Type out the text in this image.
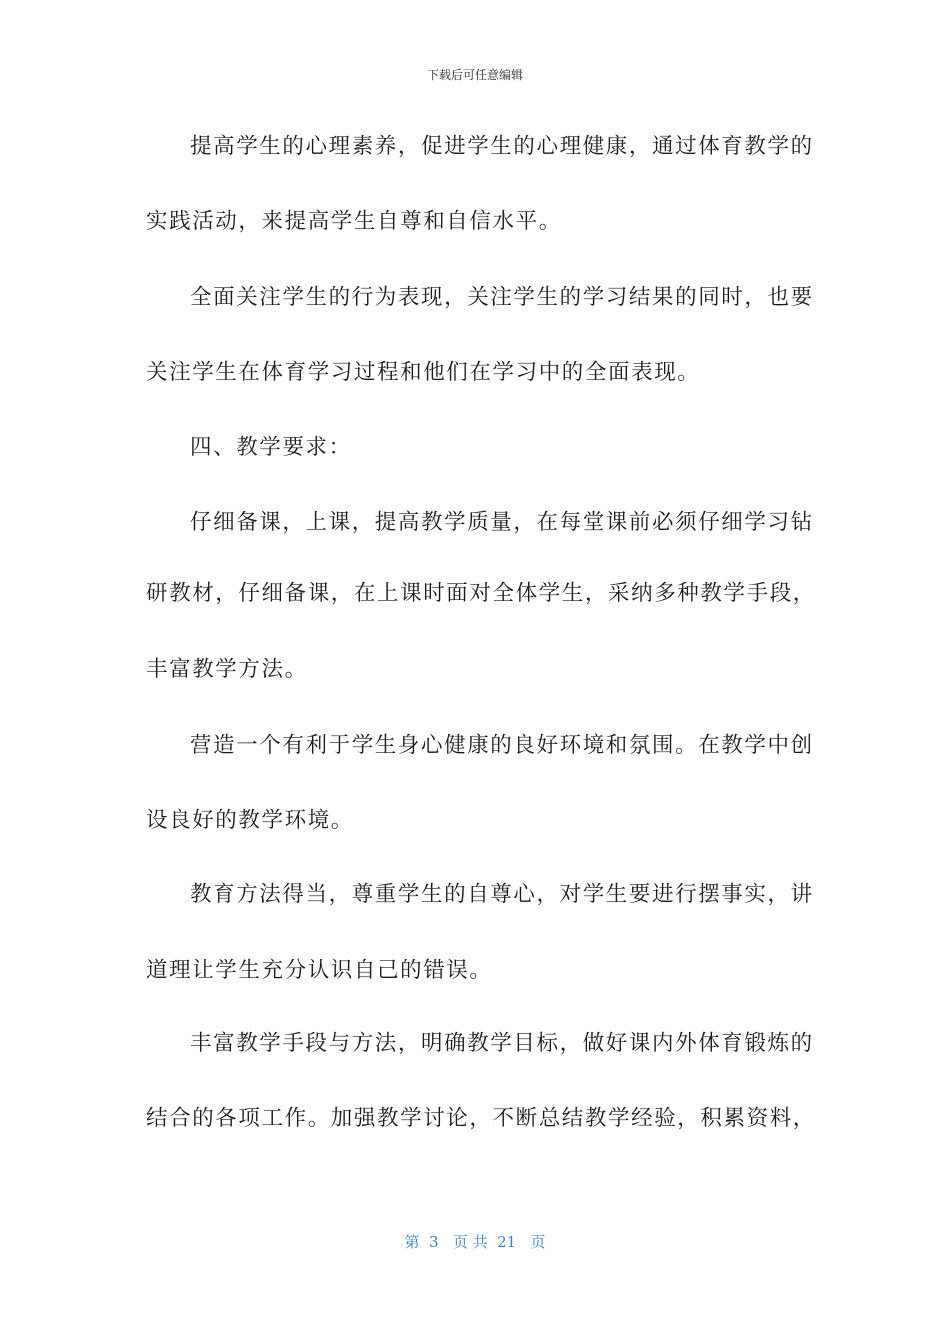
下载后可任意编辑
提高学生的心理素养，促进学生的心理健康，通过体育教学的
实践活动，来提高学生自尊和自信水平。
全面关注学生的行为表现，关注学生的学习结果的同时，也要
关注学生在体育学习过程和他们在学习中的全面表现。
四、教学要求：
仔细备课，上课，提高教学质量，在每堂课前必须仔细学习钻
研教材，仔细备课，在上课时面对全体学生，采纳多种教学手段，
丰富教学方法。
营造一个有利于学生身心健康的良好环境和氛围。在教学中创
设良好的教学环境。
教育方法得当，尊重学生的自尊心，对学生要进行摆事实，讲
道理让学生充分认识自己的错误。
丰富教学手段与方法，明确教学目标，做好课内外体育锻炼的
结合的各项工作。加强教学讨论，不断总结教学经验，积累资料，
第  3   页 共  21   页
